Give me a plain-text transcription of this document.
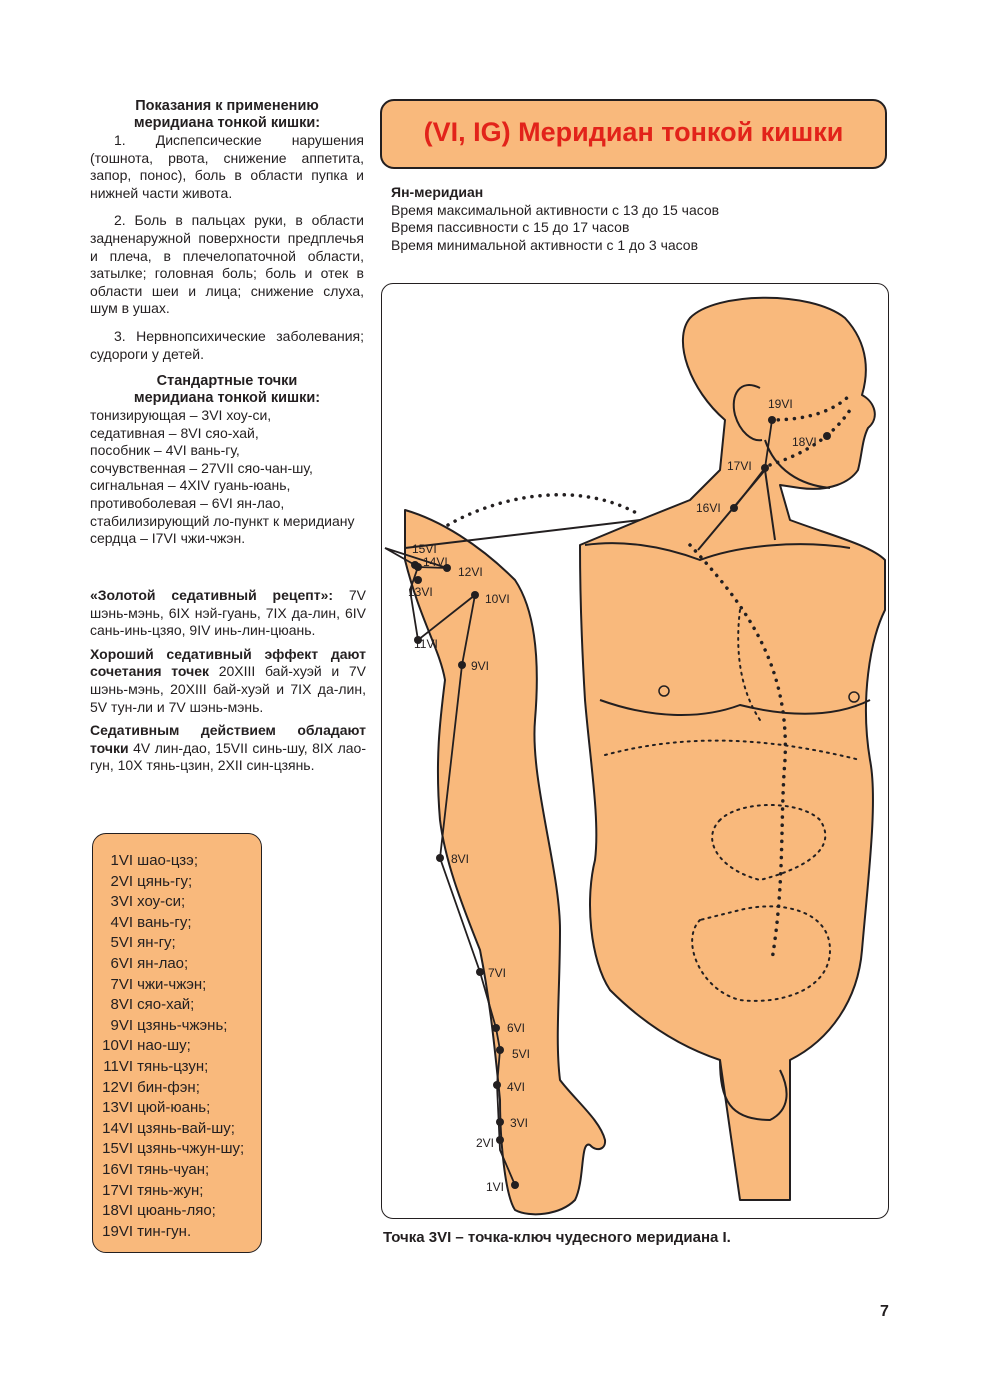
Показания к применению
меридиана тонкой кишки:

1. Диспепсические нарушения (тошнота, рвота, снижение аппетита, запор, понос), боль в области пупка и нижней части живота.

2. Боль в пальцах руки, в области задненаружной поверхности предплечья и плеча, в плечелопаточной области, затылке; головная боль; боль и отек в области шеи и лица; снижение слуха, шум в ушах.

3. Нервнопсихические заболевания; судороги у детей.

Стандартные точки
меридиана тонкой кишки:
тонизирующая – 3VI хоу-си,
седативная – 8VI сяо-хай,
пособник – 4VI вань-гу,
сочувственная – 27VII сяо-чан-шу,
сигнальная – 4XIV гуань-юань,
противоболевая – 6VI ян-лао,
стабилизирующий ло-пункт к меридиану сердца – I7VI чжи-чжэн.

«Золотой седативный рецепт»: 7V шэнь-мэнь, 6IX нэй-гуань, 7IX да-лин, 6IV сань-инь-цзяо, 9IV инь-лин-цюань.

Хороший седативный эффект дают сочетания точек 20XIII бай-хуэй и 7V шэнь-мэнь, 20XIII бай-хуэй и 7IX да-лин, 5V тун-ли и 7V шэнь-мэнь.

Седативным действием обладают точки 4V лин-дао, 15VII синь-шу, 8IX лао-гун, 10X тянь-цзин, 2XII син-цзянь.

1VI шао-цзэ;
2VI цянь-гу;
3VI хоу-си;
4VI вань-гу;
5VI ян-гу;
6VI ян-лао;
7VI чжи-чжэн;
8VI сяо-хай;
9VI цзянь-чжэнь;
10VI нао-шу;
11VI тянь-цзун;
12VI бин-фэн;
13VI цюй-юань;
14VI цзянь-вай-шу;
15VI цзянь-чжун-шу;
16VI тянь-чуан;
17VI тянь-жун;
18VI цюань-ляо;
19VI тин-гун.
(VI, IG) Меридиан тонкой кишки
Ян-меридиан
Время максимальной активности с 13 до 15 часов
Время пассивности с 15 до 17 часов
Время минимальной активности с 1 до 3 часов
19VI
18VI
17VI
16VI
15VI
14VI
12VI
13VI	10VI
11VI
9VI
8VI
7VI
6VI
5VI
4VI
3VI
2VI
1VI
Точка 3VI – точка-ключ чудесного меридиана I.
7
